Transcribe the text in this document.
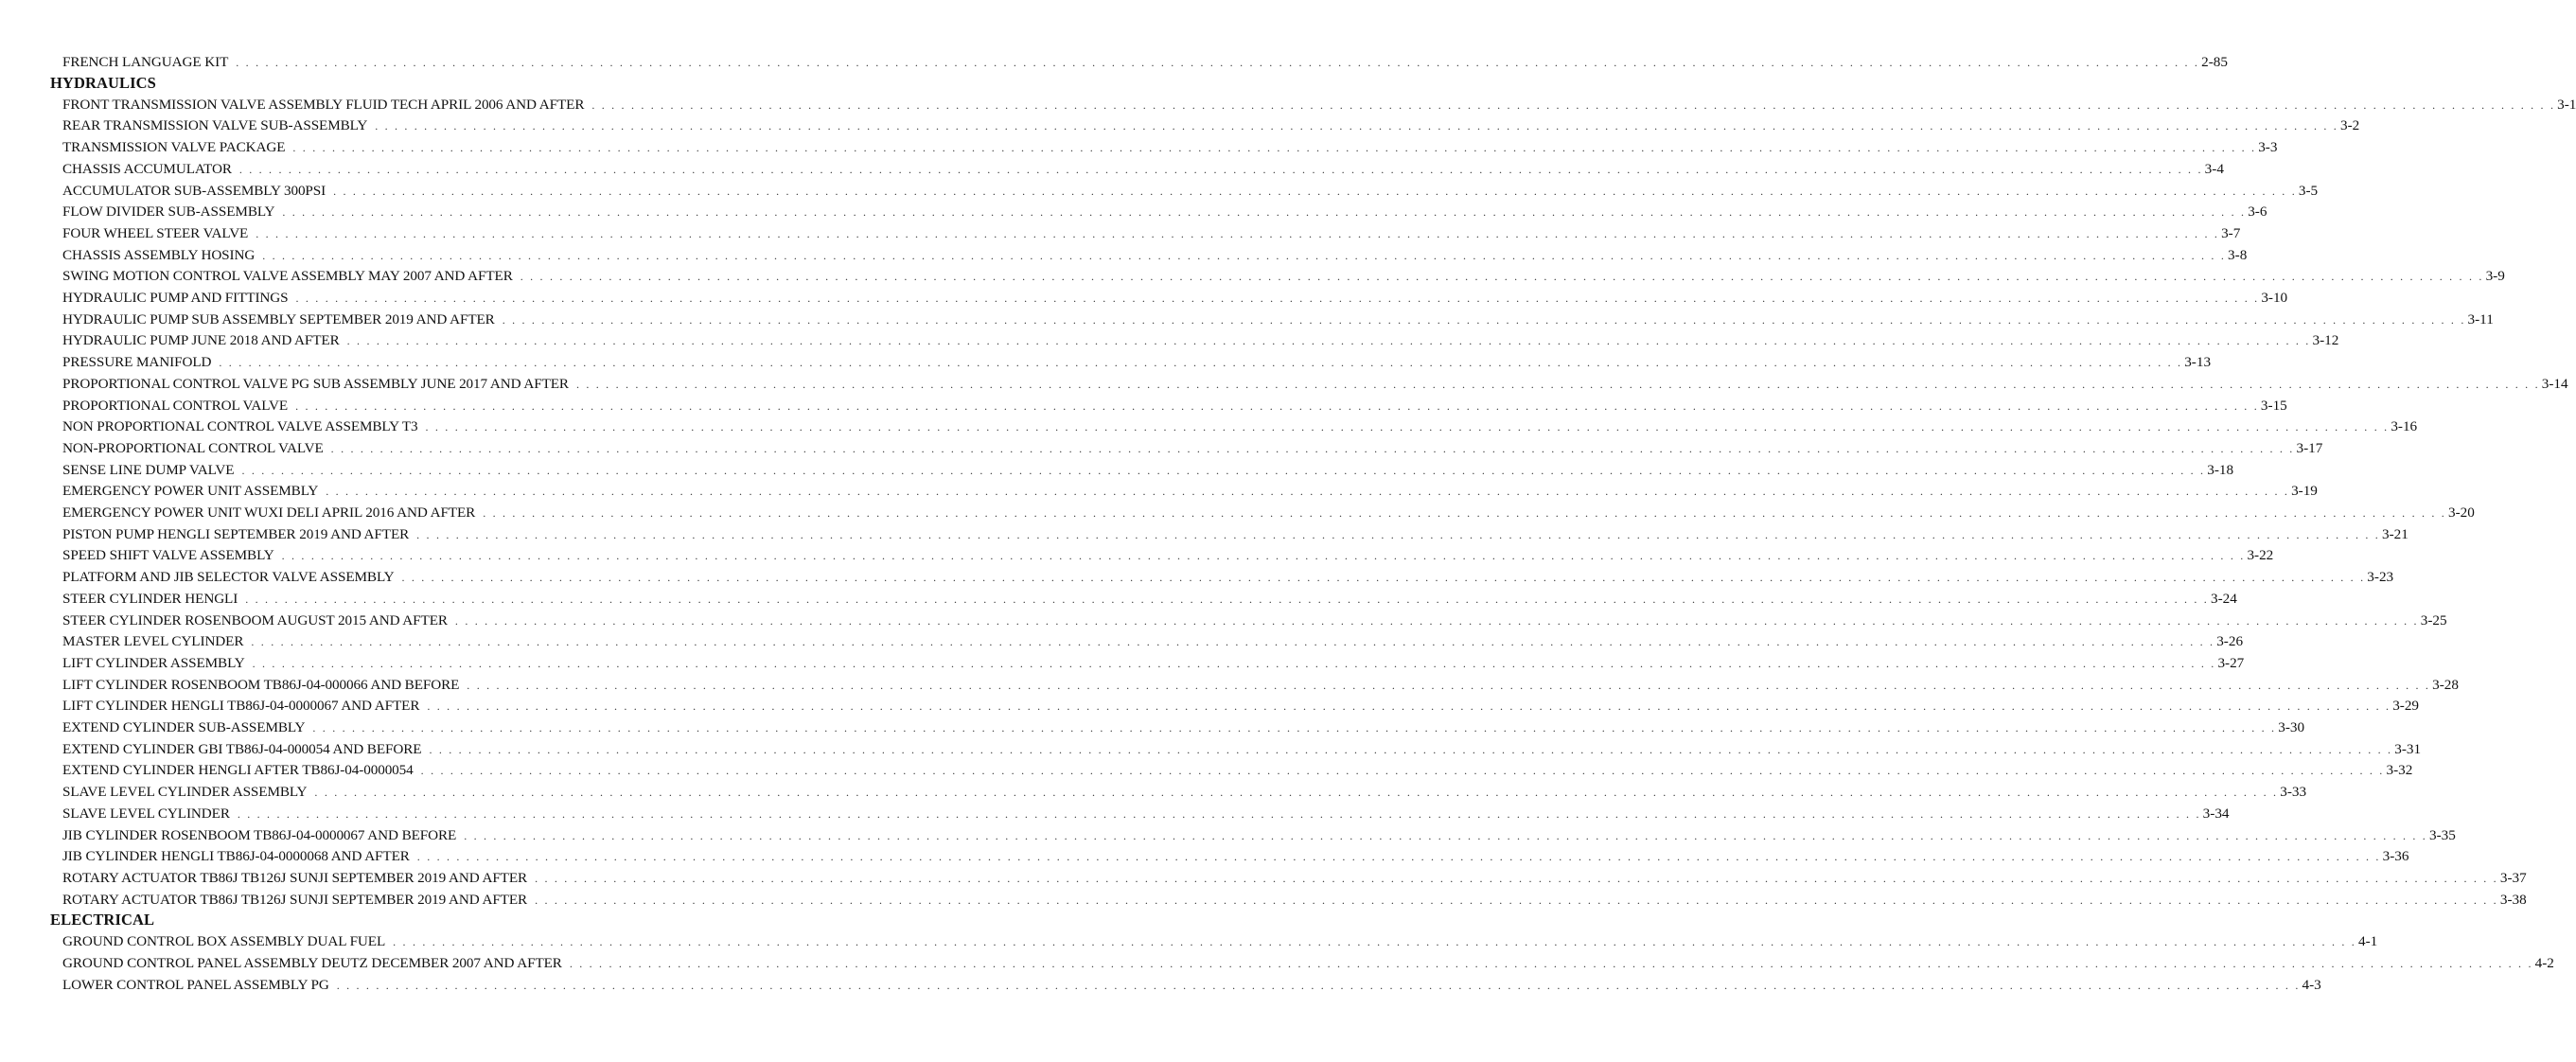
FRENCH LANGUAGE KIT . . . . . . . . . . . . . . . . . . . . . . . . . . . . . . . . . . . . . . . . . . . . . . . . . . . . . . . . . . . . . . . . . . . . . . . . . . . . . . . . . . . . . . . . . . . . . . . . . . . . . . . . . . . . . . . . . . . . . . . . . . . . . . . . . . . . . . . . . . . . . . . . . . . . . . . . . . . . . . . . . . . . . . . . . . . . . . . . . . . . . . . . . . . . . . . . . . . . . . . . 2-85
HYDRAULICS
FRONT TRANSMISSION VALVE ASSEMBLY FLUID TECH APRIL 2006 AND AFTER . . . . . . . . . . . . . . . . . . . . . . . . . . . . . . . . . . . . . . . . . . . . . . . . . . . . . . . . . . . . . . . . . . . . . . . . . . . . . . . . . . . . . . . . . . . . . . . . . . . . . . . . . . . . . . . . . . . . . . . . . . . . . . . . . . . . . . . . . . . . . . . . . . . . . . . . . . . . . . . . . . . . . . . . . . . . . . . . . . . . . . . . . . . . . . . . . . . . . . . . 3-1
REAR TRANSMISSION VALVE SUB-ASSEMBLY . . . . . . . . . . . . . . . . . . . . . . . . . . . . . . . . . . . . . . . . . . . . . . . . . . . . . . . . . . . . . . . . . . . . . . . . . . . . . . . . . . . . . . . . . . . . . . . . . . . . . . . . . . . . . . . . . . . . . . . . . . . . . . . . . . . . . . . . . . . . . . . . . . . . . . . . . . . . . . . . . . . . . . . . . . . . . . . . . . . . . . . . . . . . . . . . . . . . . . . . 3-2
TRANSMISSION VALVE PACKAGE . . . . . . . . . . . . . . . . . . . . . . . . . . . . . . . . . . . . . . . . . . . . . . . . . . . . . . . . . . . . . . . . . . . . . . . . . . . . . . . . . . . . . . . . . . . . . . . . . . . . . . . . . . . . . . . . . . . . . . . . . . . . . . . . . . . . . . . . . . . . . . . . . . . . . . . . . . . . . . . . . . . . . . . . . . . . . . . . . . . . . . . . . . . . . . . . . . . . . . . . 3-3
CHASSIS ACCUMULATOR . . . . . . . . . . . . . . . . . . . . . . . . . . . . . . . . . . . . . . . . . . . . . . . . . . . . . . . . . . . . . . . . . . . . . . . . . . . . . . . . . . . . . . . . . . . . . . . . . . . . . . . . . . . . . . . . . . . . . . . . . . . . . . . . . . . . . . . . . . . . . . . . . . . . . . . . . . . . . . . . . . . . . . . . . . . . . . . . . . . . . . . . . . . . . . . . . . . . . . . . 3-4
ACCUMULATOR SUB-ASSEMBLY 300PSI . . . . . . . . . . . . . . . . . . . . . . . . . . . . . . . . . . . . . . . . . . . . . . . . . . . . . . . . . . . . . . . . . . . . . . . . . . . . . . . . . . . . . . . . . . . . . . . . . . . . . . . . . . . . . . . . . . . . . . . . . . . . . . . . . . . . . . . . . . . . . . . . . . . . . . . . . . . . . . . . . . . . . . . . . . . . . . . . . . . . . . . . . . . . . . . . . . . . . . . . 3-5
FLOW DIVIDER SUB-ASSEMBLY . . . . . . . . . . . . . . . . . . . . . . . . . . . . . . . . . . . . . . . . . . . . . . . . . . . . . . . . . . . . . . . . . . . . . . . . . . . . . . . . . . . . . . . . . . . . . . . . . . . . . . . . . . . . . . . . . . . . . . . . . . . . . . . . . . . . . . . . . . . . . . . . . . . . . . . . . . . . . . . . . . . . . . . . . . . . . . . . . . . . . . . . . . . . . . . . . . . . . . . . 3-6
FOUR WHEEL STEER VALVE . . . . . . . . . . . . . . . . . . . . . . . . . . . . . . . . . . . . . . . . . . . . . . . . . . . . . . . . . . . . . . . . . . . . . . . . . . . . . . . . . . . . . . . . . . . . . . . . . . . . . . . . . . . . . . . . . . . . . . . . . . . . . . . . . . . . . . . . . . . . . . . . . . . . . . . . . . . . . . . . . . . . . . . . . . . . . . . . . . . . . . . . . . . . . . . . . . . . . . . . 3-7
CHASSIS ASSEMBLY HOSING . . . . . . . . . . . . . . . . . . . . . . . . . . . . . . . . . . . . . . . . . . . . . . . . . . . . . . . . . . . . . . . . . . . . . . . . . . . . . . . . . . . . . . . . . . . . . . . . . . . . . . . . . . . . . . . . . . . . . . . . . . . . . . . . . . . . . . . . . . . . . . . . . . . . . . . . . . . . . . . . . . . . . . . . . . . . . . . . . . . . . . . . . . . . . . . . . . . . . . . . 3-8
SWING MOTION CONTROL VALVE ASSEMBLY MAY 2007 AND AFTER . . . . . . . . . . . . . . . . . . . . . . . . . . . . . . . . . . . . . . . . . . . . . . . . . . . . . . . . . . . . . . . . . . . . . . . . . . . . . . . . . . . . . . . . . . . . . . . . . . . . . . . . . . . . . . . . . . . . . . . . . . . . . . . . . . . . . . . . . . . . . . . . . . . . . . . . . . . . . . . . . . . . . . . . . . . . . . . . . . . . . . . . . . . . . . . . . . . . . . . . 3-9
HYDRAULIC PUMP AND FITTINGS . . . . . . . . . . . . . . . . . . . . . . . . . . . . . . . . . . . . . . . . . . . . . . . . . . . . . . . . . . . . . . . . . . . . . . . . . . . . . . . . . . . . . . . . . . . . . . . . . . . . . . . . . . . . . . . . . . . . . . . . . . . . . . . . . . . . . . . . . . . . . . . . . . . . . . . . . . . . . . . . . . . . . . . . . . . . . . . . . . . . . . . . . . . . . . . . . . . . . . . . 3-10
HYDRAULIC PUMP SUB ASSEMBLY SEPTEMBER 2019 AND AFTER . . . . . . . . . . . . . . . . . . . . . . . . . . . . . . . . . . . . . . . . . . . . . . . . . . . . . . . . . . . . . . . . . . . . . . . . . . . . . . . . . . . . . . . . . . . . . . . . . . . . . . . . . . . . . . . . . . . . . . . . . . . . . . . . . . . . . . . . . . . . . . . . . . . . . . . . . . . . . . . . . . . . . . . . . . . . . . . . . . . . . . . . . . . . . . . . . . . . . . . . 3-11
HYDRAULIC PUMP JUNE 2018 AND AFTER . . . . . . . . . . . . . . . . . . . . . . . . . . . . . . . . . . . . . . . . . . . . . . . . . . . . . . . . . . . . . . . . . . . . . . . . . . . . . . . . . . . . . . . . . . . . . . . . . . . . . . . . . . . . . . . . . . . . . . . . . . . . . . . . . . . . . . . . . . . . . . . . . . . . . . . . . . . . . . . . . . . . . . . . . . . . . . . . . . . . . . . . . . . . . . . . . . . . . . . . 3-12
PRESSURE MANIFOLD . . . . . . . . . . . . . . . . . . . . . . . . . . . . . . . . . . . . . . . . . . . . . . . . . . . . . . . . . . . . . . . . . . . . . . . . . . . . . . . . . . . . . . . . . . . . . . . . . . . . . . . . . . . . . . . . . . . . . . . . . . . . . . . . . . . . . . . . . . . . . . . . . . . . . . . . . . . . . . . . . . . . . . . . . . . . . . . . . . . . . . . . . . . . . . . . . . . . . . . . 3-13
PROPORTIONAL CONTROL VALVE PG SUB ASSEMBLY JUNE 2017 AND AFTER . . . . . . . . . . . . . . . . . . . . . . . . . . . . . . . . . . . . . . . . . . . . . . . . . . . . . . . . . . . . . . . . . . . . . . . . . . . . . . . . . . . . . . . . . . . . . . . . . . . . . . . . . . . . . . . . . . . . . . . . . . . . . . . . . . . . . . . . . . . . . . . . . . . . . . . . . . . . . . . . . . . . . . . . . . . . . . . . . . . . . . . . . . . . . . . . . . . . . . . . 3-14
PROPORTIONAL CONTROL VALVE . . . . . . . . . . . . . . . . . . . . . . . . . . . . . . . . . . . . . . . . . . . . . . . . . . . . . . . . . . . . . . . . . . . . . . . . . . . . . . . . . . . . . . . . . . . . . . . . . . . . . . . . . . . . . . . . . . . . . . . . . . . . . . . . . . . . . . . . . . . . . . . . . . . . . . . . . . . . . . . . . . . . . . . . . . . . . . . . . . . . . . . . . . . . . . . . . . . . . . . . 3-15
NON PROPORTIONAL CONTROL VALVE ASSEMBLY T3 . . . . . . . . . . . . . . . . . . . . . . . . . . . . . . . . . . . . . . . . . . . . . . . . . . . . . . . . . . . . . . . . . . . . . . . . . . . . . . . . . . . . . . . . . . . . . . . . . . . . . . . . . . . . . . . . . . . . . . . . . . . . . . . . . . . . . . . . . . . . . . . . . . . . . . . . . . . . . . . . . . . . . . . . . . . . . . . . . . . . . . . . . . . . . . . . . . . . . . . . 3-16
NON-PROPORTIONAL CONTROL VALVE . . . . . . . . . . . . . . . . . . . . . . . . . . . . . . . . . . . . . . . . . . . . . . . . . . . . . . . . . . . . . . . . . . . . . . . . . . . . . . . . . . . . . . . . . . . . . . . . . . . . . . . . . . . . . . . . . . . . . . . . . . . . . . . . . . . . . . . . . . . . . . . . . . . . . . . . . . . . . . . . . . . . . . . . . . . . . . . . . . . . . . . . . . . . . . . . . . . . . . . . 3-17
SENSE LINE DUMP VALVE . . . . . . . . . . . . . . . . . . . . . . . . . . . . . . . . . . . . . . . . . . . . . . . . . . . . . . . . . . . . . . . . . . . . . . . . . . . . . . . . . . . . . . . . . . . . . . . . . . . . . . . . . . . . . . . . . . . . . . . . . . . . . . . . . . . . . . . . . . . . . . . . . . . . . . . . . . . . . . . . . . . . . . . . . . . . . . . . . . . . . . . . . . . . . . . . . . . . . . . . 3-18
EMERGENCY POWER UNIT ASSEMBLY . . . . . . . . . . . . . . . . . . . . . . . . . . . . . . . . . . . . . . . . . . . . . . . . . . . . . . . . . . . . . . . . . . . . . . . . . . . . . . . . . . . . . . . . . . . . . . . . . . . . . . . . . . . . . . . . . . . . . . . . . . . . . . . . . . . . . . . . . . . . . . . . . . . . . . . . . . . . . . . . . . . . . . . . . . . . . . . . . . . . . . . . . . . . . . . . . . . . . . . . 3-19
EMERGENCY POWER UNIT WUXI DELI APRIL 2016 AND AFTER . . . . . . . . . . . . . . . . . . . . . . . . . . . . . . . . . . . . . . . . . . . . . . . . . . . . . . . . . . . . . . . . . . . . . . . . . . . . . . . . . . . . . . . . . . . . . . . . . . . . . . . . . . . . . . . . . . . . . . . . . . . . . . . . . . . . . . . . . . . . . . . . . . . . . . . . . . . . . . . . . . . . . . . . . . . . . . . . . . . . . . . . . . . . . . . . . . . . . . . . 3-20
PISTON PUMP HENGLI SEPTEMBER 2019 AND AFTER . . . . . . . . . . . . . . . . . . . . . . . . . . . . . . . . . . . . . . . . . . . . . . . . . . . . . . . . . . . . . . . . . . . . . . . . . . . . . . . . . . . . . . . . . . . . . . . . . . . . . . . . . . . . . . . . . . . . . . . . . . . . . . . . . . . . . . . . . . . . . . . . . . . . . . . . . . . . . . . . . . . . . . . . . . . . . . . . . . . . . . . . . . . . . . . . . . . . . . . . 3-21
SPEED SHIFT VALVE ASSEMBLY . . . . . . . . . . . . . . . . . . . . . . . . . . . . . . . . . . . . . . . . . . . . . . . . . . . . . . . . . . . . . . . . . . . . . . . . . . . . . . . . . . . . . . . . . . . . . . . . . . . . . . . . . . . . . . . . . . . . . . . . . . . . . . . . . . . . . . . . . . . . . . . . . . . . . . . . . . . . . . . . . . . . . . . . . . . . . . . . . . . . . . . . . . . . . . . . . . . . . . . . 3-22
PLATFORM AND JIB SELECTOR VALVE ASSEMBLY . . . . . . . . . . . . . . . . . . . . . . . . . . . . . . . . . . . . . . . . . . . . . . . . . . . . . . . . . . . . . . . . . . . . . . . . . . . . . . . . . . . . . . . . . . . . . . . . . . . . . . . . . . . . . . . . . . . . . . . . . . . . . . . . . . . . . . . . . . . . . . . . . . . . . . . . . . . . . . . . . . . . . . . . . . . . . . . . . . . . . . . . . . . . . . . . . . . . . . . . 3-23
STEER CYLINDER HENGLI . . . . . . . . . . . . . . . . . . . . . . . . . . . . . . . . . . . . . . . . . . . . . . . . . . . . . . . . . . . . . . . . . . . . . . . . . . . . . . . . . . . . . . . . . . . . . . . . . . . . . . . . . . . . . . . . . . . . . . . . . . . . . . . . . . . . . . . . . . . . . . . . . . . . . . . . . . . . . . . . . . . . . . . . . . . . . . . . . . . . . . . . . . . . . . . . . . . . . . . . 3-24
STEER CYLINDER ROSENBOOM AUGUST 2015 AND AFTER . . . . . . . . . . . . . . . . . . . . . . . . . . . . . . . . . . . . . . . . . . . . . . . . . . . . . . . . . . . . . . . . . . . . . . . . . . . . . . . . . . . . . . . . . . . . . . . . . . . . . . . . . . . . . . . . . . . . . . . . . . . . . . . . . . . . . . . . . . . . . . . . . . . . . . . . . . . . . . . . . . . . . . . . . . . . . . . . . . . . . . . . . . . . . . . . . . . . . . . . 3-25
MASTER LEVEL CYLINDER . . . . . . . . . . . . . . . . . . . . . . . . . . . . . . . . . . . . . . . . . . . . . . . . . . . . . . . . . . . . . . . . . . . . . . . . . . . . . . . . . . . . . . . . . . . . . . . . . . . . . . . . . . . . . . . . . . . . . . . . . . . . . . . . . . . . . . . . . . . . . . . . . . . . . . . . . . . . . . . . . . . . . . . . . . . . . . . . . . . . . . . . . . . . . . . . . . . . . . . . 3-26
LIFT CYLINDER ASSEMBLY . . . . . . . . . . . . . . . . . . . . . . . . . . . . . . . . . . . . . . . . . . . . . . . . . . . . . . . . . . . . . . . . . . . . . . . . . . . . . . . . . . . . . . . . . . . . . . . . . . . . . . . . . . . . . . . . . . . . . . . . . . . . . . . . . . . . . . . . . . . . . . . . . . . . . . . . . . . . . . . . . . . . . . . . . . . . . . . . . . . . . . . . . . . . . . . . . . . . . . . . 3-27
LIFT CYLINDER ROSENBOOM TB86J-04-000066 AND BEFORE . . . . . . . . . . . . . . . . . . . . . . . . . . . . . . . . . . . . . . . . . . . . . . . . . . . . . . . . . . . . . . . . . . . . . . . . . . . . . . . . . . . . . . . . . . . . . . . . . . . . . . . . . . . . . . . . . . . . . . . . . . . . . . . . . . . . . . . . . . . . . . . . . . . . . . . . . . . . . . . . . . . . . . . . . . . . . . . . . . . . . . . . . . . . . . . . . . . . . . . . 3-28
LIFT CYLINDER HENGLI TB86J-04-0000067 AND AFTER . . . . . . . . . . . . . . . . . . . . . . . . . . . . . . . . . . . . . . . . . . . . . . . . . . . . . . . . . . . . . . . . . . . . . . . . . . . . . . . . . . . . . . . . . . . . . . . . . . . . . . . . . . . . . . . . . . . . . . . . . . . . . . . . . . . . . . . . . . . . . . . . . . . . . . . . . . . . . . . . . . . . . . . . . . . . . . . . . . . . . . . . . . . . . . . . . . . . . . . . 3-29
EXTEND CYLINDER SUB-ASSEMBLY . . . . . . . . . . . . . . . . . . . . . . . . . . . . . . . . . . . . . . . . . . . . . . . . . . . . . . . . . . . . . . . . . . . . . . . . . . . . . . . . . . . . . . . . . . . . . . . . . . . . . . . . . . . . . . . . . . . . . . . . . . . . . . . . . . . . . . . . . . . . . . . . . . . . . . . . . . . . . . . . . . . . . . . . . . . . . . . . . . . . . . . . . . . . . . . . . . . . . . . . 3-30
EXTEND CYLINDER GBI TB86J-04-000054 AND BEFORE . . . . . . . . . . . . . . . . . . . . . . . . . . . . . . . . . . . . . . . . . . . . . . . . . . . . . . . . . . . . . . . . . . . . . . . . . . . . . . . . . . . . . . . . . . . . . . . . . . . . . . . . . . . . . . . . . . . . . . . . . . . . . . . . . . . . . . . . . . . . . . . . . . . . . . . . . . . . . . . . . . . . . . . . . . . . . . . . . . . . . . . . . . . . . . . . . . . . . . . . 3-31
EXTEND CYLINDER HENGLI AFTER TB86J-04-0000054 . . . . . . . . . . . . . . . . . . . . . . . . . . . . . . . . . . . . . . . . . . . . . . . . . . . . . . . . . . . . . . . . . . . . . . . . . . . . . . . . . . . . . . . . . . . . . . . . . . . . . . . . . . . . . . . . . . . . . . . . . . . . . . . . . . . . . . . . . . . . . . . . . . . . . . . . . . . . . . . . . . . . . . . . . . . . . . . . . . . . . . . . . . . . . . . . . . . . . . . . 3-32
SLAVE LEVEL CYLINDER ASSEMBLY . . . . . . . . . . . . . . . . . . . . . . . . . . . . . . . . . . . . . . . . . . . . . . . . . . . . . . . . . . . . . . . . . . . . . . . . . . . . . . . . . . . . . . . . . . . . . . . . . . . . . . . . . . . . . . . . . . . . . . . . . . . . . . . . . . . . . . . . . . . . . . . . . . . . . . . . . . . . . . . . . . . . . . . . . . . . . . . . . . . . . . . . . . . . . . . . . . . . . . . . 3-33
SLAVE LEVEL CYLINDER . . . . . . . . . . . . . . . . . . . . . . . . . . . . . . . . . . . . . . . . . . . . . . . . . . . . . . . . . . . . . . . . . . . . . . . . . . . . . . . . . . . . . . . . . . . . . . . . . . . . . . . . . . . . . . . . . . . . . . . . . . . . . . . . . . . . . . . . . . . . . . . . . . . . . . . . . . . . . . . . . . . . . . . . . . . . . . . . . . . . . . . . . . . . . . . . . . . . . . . . 3-34
JIB CYLINDER ROSENBOOM TB86J-04-0000067 AND BEFORE . . . . . . . . . . . . . . . . . . . . . . . . . . . . . . . . . . . . . . . . . . . . . . . . . . . . . . . . . . . . . . . . . . . . . . . . . . . . . . . . . . . . . . . . . . . . . . . . . . . . . . . . . . . . . . . . . . . . . . . . . . . . . . . . . . . . . . . . . . . . . . . . . . . . . . . . . . . . . . . . . . . . . . . . . . . . . . . . . . . . . . . . . . . . . . . . . . . . . . . . 3-35
JIB CYLINDER HENGLI TB86J-04-0000068 AND AFTER . . . . . . . . . . . . . . . . . . . . . . . . . . . . . . . . . . . . . . . . . . . . . . . . . . . . . . . . . . . . . . . . . . . . . . . . . . . . . . . . . . . . . . . . . . . . . . . . . . . . . . . . . . . . . . . . . . . . . . . . . . . . . . . . . . . . . . . . . . . . . . . . . . . . . . . . . . . . . . . . . . . . . . . . . . . . . . . . . . . . . . . . . . . . . . . . . . . . . . . . 3-36
ROTARY ACTUATOR TB86J TB126J SUNJI SEPTEMBER 2019 AND AFTER . . . . . . . . . . . . . . . . . . . . . . . . . . . . . . . . . . . . . . . . . . . . . . . . . . . . . . . . . . . . . . . . . . . . . . . . . . . . . . . . . . . . . . . . . . . . . . . . . . . . . . . . . . . . . . . . . . . . . . . . . . . . . . . . . . . . . . . . . . . . . . . . . . . . . . . . . . . . . . . . . . . . . . . . . . . . . . . . . . . . . . . . . . . . . . . . . . . . . . . . 3-37
ROTARY ACTUATOR TB86J TB126J SUNJI SEPTEMBER 2019 AND AFTER . . . . . . . . . . . . . . . . . . . . . . . . . . . . . . . . . . . . . . . . . . . . . . . . . . . . . . . . . . . . . . . . . . . . . . . . . . . . . . . . . . . . . . . . . . . . . . . . . . . . . . . . . . . . . . . . . . . . . . . . . . . . . . . . . . . . . . . . . . . . . . . . . . . . . . . . . . . . . . . . . . . . . . . . . . . . . . . . . . . . . . . . . . . . . . . . . . . . . . . . 3-38
ELECTRICAL
GROUND CONTROL BOX ASSEMBLY DUAL FUEL . . . . . . . . . . . . . . . . . . . . . . . . . . . . . . . . . . . . . . . . . . . . . . . . . . . . . . . . . . . . . . . . . . . . . . . . . . . . . . . . . . . . . . . . . . . . . . . . . . . . . . . . . . . . . . . . . . . . . . . . . . . . . . . . . . . . . . . . . . . . . . . . . . . . . . . . . . . . . . . . . . . . . . . . . . . . . . . . . . . . . . . . . . . . . . . . . . . . . . . . 4-1
GROUND CONTROL PANEL ASSEMBLY DEUTZ DECEMBER 2007 AND AFTER . . . . . . . . . . . . . . . . . . . . . . . . . . . . . . . . . . . . . . . . . . . . . . . . . . . . . . . . . . . . . . . . . . . . . . . . . . . . . . . . . . . . . . . . . . . . . . . . . . . . . . . . . . . . . . . . . . . . . . . . . . . . . . . . . . . . . . . . . . . . . . . . . . . . . . . . . . . . . . . . . . . . . . . . . . . . . . . . . . . . . . . . . . . . . . . . . . . . . . . . 4-2
LOWER CONTROL PANEL ASSEMBLY PG . . . . . . . . . . . . . . . . . . . . . . . . . . . . . . . . . . . . . . . . . . . . . . . . . . . . . . . . . . . . . . . . . . . . . . . . . . . . . . . . . . . . . . . . . . . . . . . . . . . . . . . . . . . . . . . . . . . . . . . . . . . . . . . . . . . . . . . . . . . . . . . . . . . . . . . . . . . . . . . . . . . . . . . . . . . . . . . . . . . . . . . . . . . . . . . . . . . . . . . . 4-3
